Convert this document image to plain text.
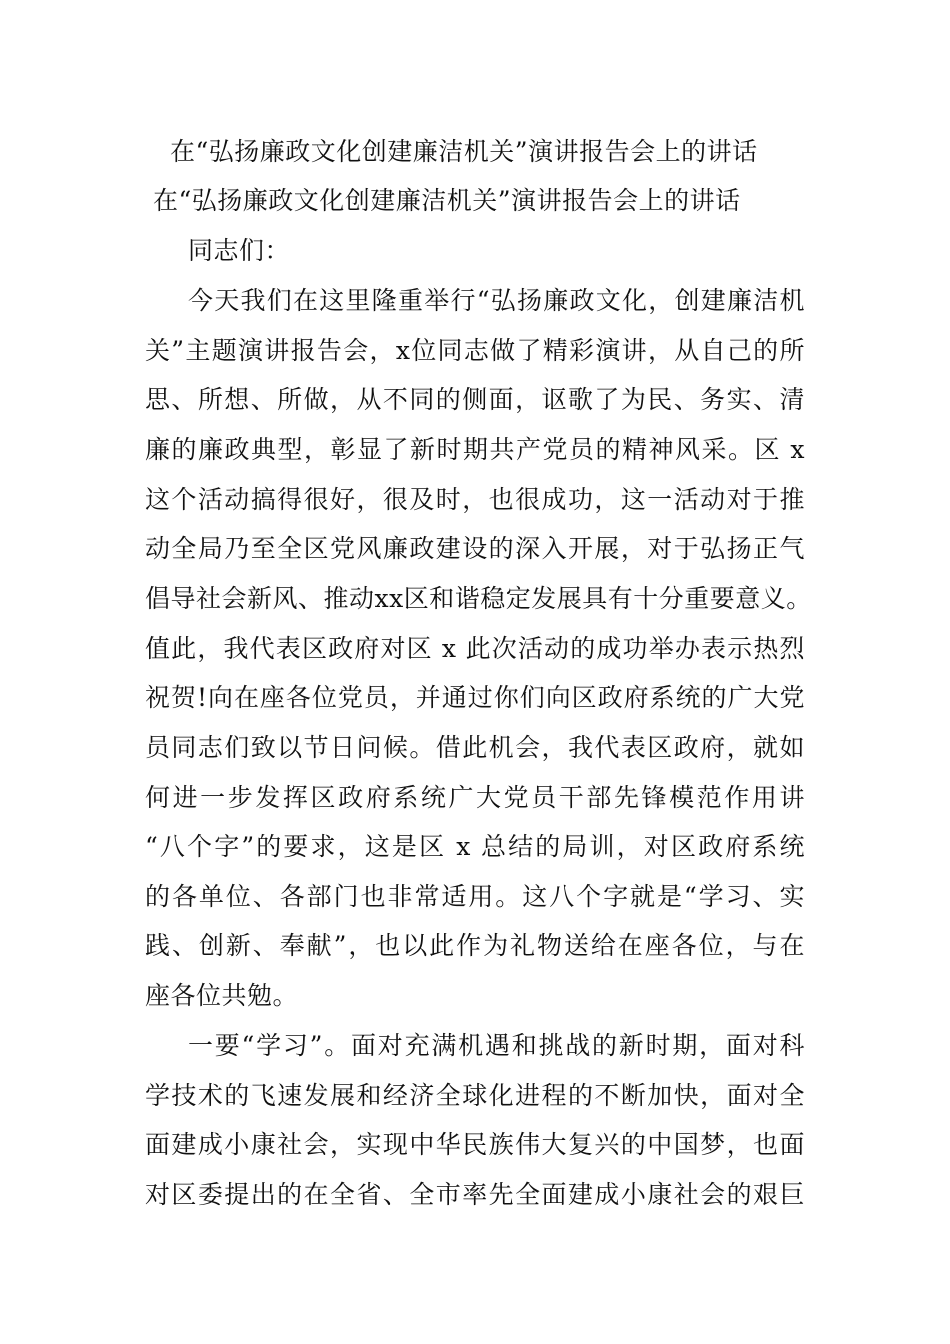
在“弘扬廉政文化创建廉洁机关”演讲报告会上的讲话
在“弘扬廉政文化创建廉洁机关”演讲报告会上的讲话
同志们：
今天我们在这里隆重举行“弘扬廉政文化，创建廉洁机
关”主题演讲报告会，x位同志做了精彩演讲，从自己的所
思、所想、所做，从不同的侧面，讴歌了为民、务实、清
廉的廉政典型，彰显了新时期共产党员的精神风采。区 x
这个活动搞得很好，很及时，也很成功，这一活动对于推
动全局乃至全区党风廉政建设的深入开展，对于弘扬正气
倡导社会新风、推动xx区和谐稳定发展具有十分重要意义。
值此，我代表区政府对区 x 此次活动的成功举办表示热烈
祝贺!向在座各位党员，并通过你们向区政府系统的广大党
员同志们致以节日问候。借此机会，我代表区政府，就如
何进一步发挥区政府系统广大党员干部先锋模范作用讲
“八个字”的要求，这是区 x 总结的局训，对区政府系统
的各单位、各部门也非常适用。这八个字就是“学习、实
践、创新、奉献”，也以此作为礼物送给在座各位，与在
座各位共勉。
一要“学习”。面对充满机遇和挑战的新时期，面对科
学技术的飞速发展和经济全球化进程的不断加快，面对全
面建成小康社会，实现中华民族伟大复兴的中国梦，也面
对区委提出的在全省、全市率先全面建成小康社会的艰巨
